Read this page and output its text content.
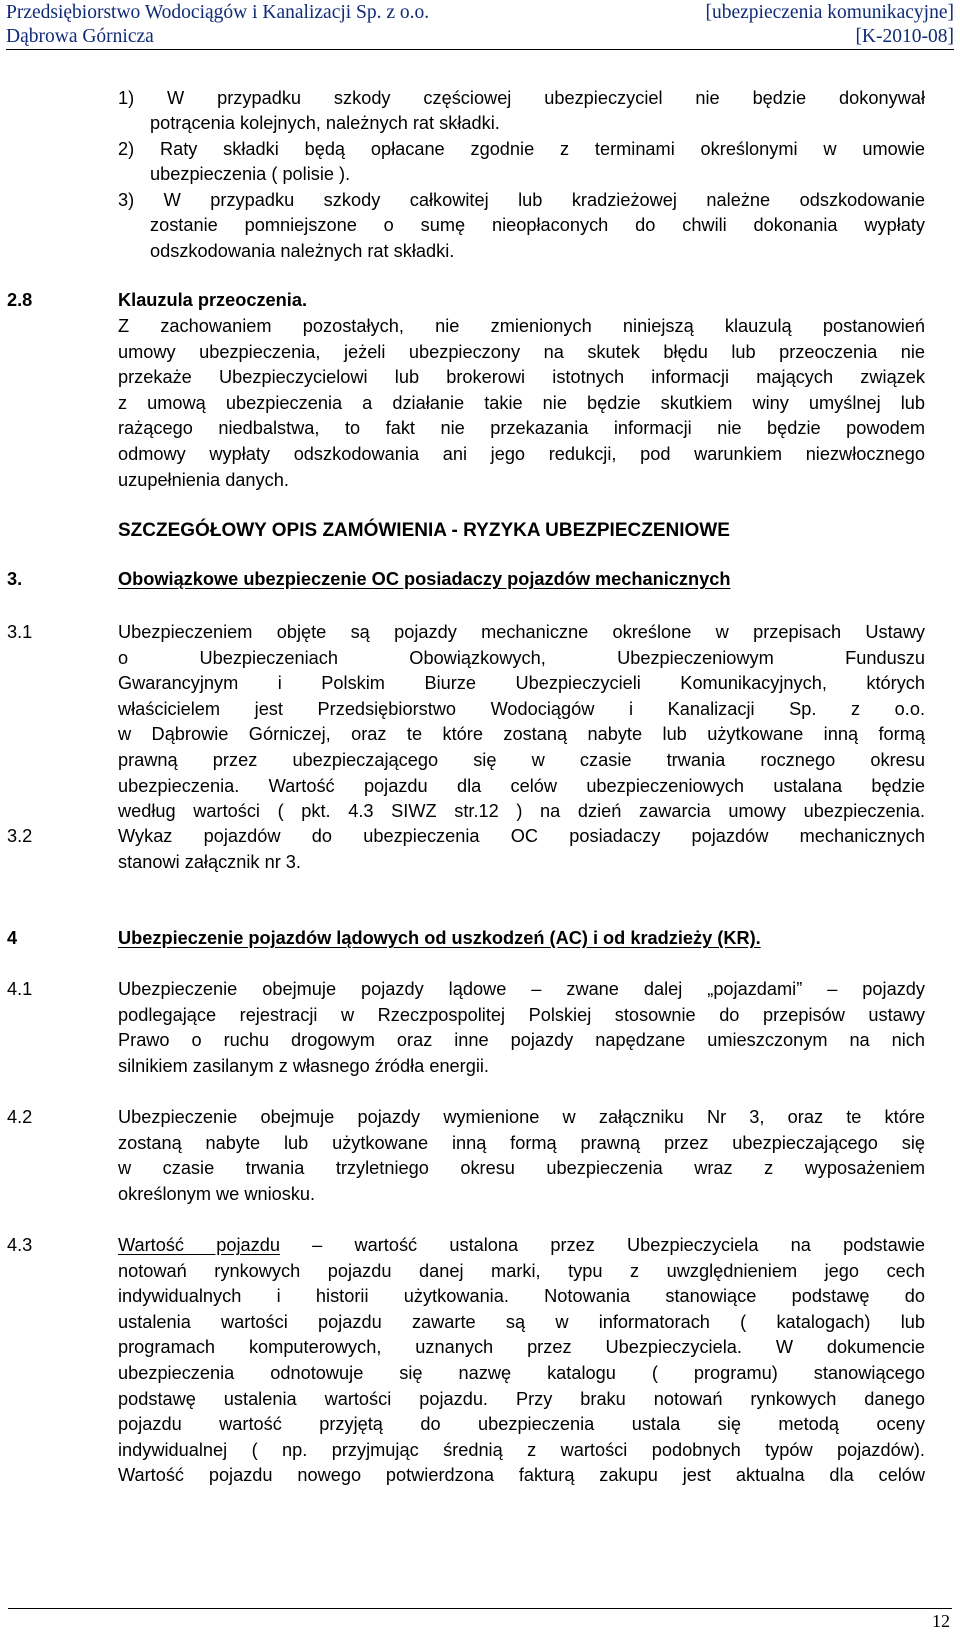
Przedsiębiorstwo Wodociągów i Kanalizacji Sp. z o.o.	[ubezpieczenia komunikacyjne]
Dąbrowa Górnicza	[K-2010-08]
1) W przypadku szkody częściowej ubezpieczyciel nie będzie dokonywał
potrącenia kolejnych, należnych rat składki.
2) Raty składki będą opłacane zgodnie z terminami określonymi w umowie
ubezpieczenia ( polisie ).
3) W przypadku szkody całkowitej lub kradzieżowej należne odszkodowanie
zostanie pomniejszone o sumę nieopłaconych do chwili dokonania wypłaty
odszkodowania należnych rat składki.
2.8	Klauzula przeoczenia.
Z zachowaniem pozostałych, nie zmienionych niniejszą klauzulą postanowień
umowy ubezpieczenia, jeżeli ubezpieczony na skutek błędu lub przeoczenia nie
przekaże Ubezpieczycielowi lub brokerowi istotnych informacji mających związek
z umową ubezpieczenia a działanie takie nie będzie skutkiem winy umyślnej lub
rażącego niedbalstwa, to fakt nie przekazania informacji nie będzie powodem
odmowy wypłaty odszkodowania ani jego redukcji, pod warunkiem niezwłocznego
uzupełnienia danych.
SZCZEGÓŁOWY OPIS ZAMÓWIENIA - RYZYKA UBEZPIECZENIOWE
3.	Obowiązkowe ubezpieczenie OC posiadaczy pojazdów mechanicznych
3.1	Ubezpieczeniem objęte są pojazdy mechaniczne określone w przepisach Ustawy
o Ubezpieczeniach Obowiązkowych, Ubezpieczeniowym Funduszu
Gwarancyjnym i Polskim Biurze Ubezpieczycieli Komunikacyjnych, których
właścicielem jest Przedsiębiorstwo Wodociągów i Kanalizacji Sp. z o.o.
w Dąbrowie Górniczej, oraz te które zostaną nabyte lub użytkowane inną formą
prawną przez ubezpieczającego się w czasie trwania rocznego okresu
ubezpieczenia. Wartość pojazdu dla celów ubezpieczeniowych ustalana będzie
według wartości ( pkt. 4.3 SIWZ str.12 ) na dzień zawarcia umowy ubezpieczenia.
3.2	Wykaz pojazdów do ubezpieczenia OC posiadaczy pojazdów mechanicznych
stanowi załącznik nr 3.
4	Ubezpieczenie pojazdów lądowych od uszkodzeń (AC) i od kradzieży (KR).
4.1	Ubezpieczenie obejmuje pojazdy lądowe – zwane dalej „pojazdami” – pojazdy
podlegające rejestracji w Rzeczpospolitej Polskiej stosownie do przepisów ustawy
Prawo o ruchu drogowym oraz inne pojazdy napędzane umieszczonym na nich
silnikiem zasilanym z własnego źródła energii.
4.2	Ubezpieczenie obejmuje pojazdy wymienione w załączniku Nr 3, oraz te które
zostaną nabyte lub użytkowane inną formą prawną przez ubezpieczającego się
w czasie trwania trzyletniego okresu ubezpieczenia wraz z wyposażeniem
określonym we wniosku.
4.3	Wartość pojazdu – wartość ustalona przez Ubezpieczyciela na podstawie
notowań rynkowych pojazdu danej marki, typu z uwzględnieniem jego cech
indywidualnych i historii użytkowania. Notowania stanowiące podstawę do
ustalenia wartości pojazdu zawarte są w informatorach ( katalogach) lub
programach komputerowych, uznanych przez Ubezpieczyciela. W dokumencie
ubezpieczenia odnotowuje się nazwę katalogu ( programu) stanowiącego
podstawę ustalenia wartości pojazdu. Przy braku notowań rynkowych danego
pojazdu wartość przyjętą do ubezpieczenia ustala się metodą oceny
indywidualnej ( np. przyjmując średnią z wartości podobnych typów pojazdów).
Wartość pojazdu nowego potwierdzona fakturą zakupu jest aktualna dla celów
12
